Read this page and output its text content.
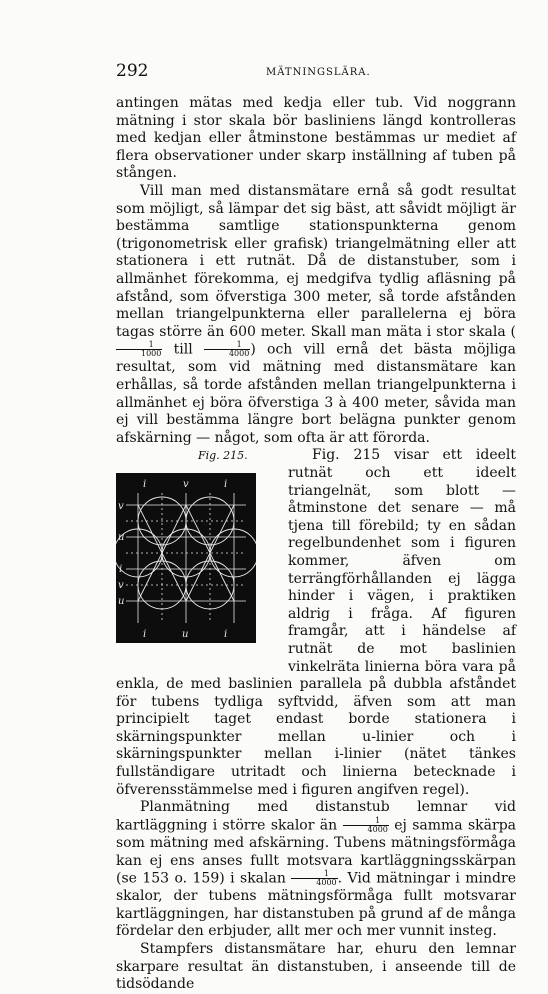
292	MÄTNINGSLÄRA.

antingen mätas med kedja eller tub. Vid noggrann mätning i stor skala bör basliniens längd kontrolleras med kedjan eller åtminstone bestämmas ur mediet af flera observationer under skarp inställning af tuben på stången.

Vill man med distansmätare ernå så godt resultat som möjligt, så lämpar det sig bäst, att såvidt möjligt är bestämma samtlige stationspunkterna genom (trigonometrisk eller grafisk) triangelmätning eller att stationera i ett rutnät. Då de distanstuber, som i allmänhet förekomma, ej medgifva tydlig afläsning på afstånd, som öfverstiga 300 meter, så torde afstånden mellan triangelpunkterna eller parallelerna ej böra tagas större än 600 meter. Skall man mäta i stor skala (
$\frac{1}{1000}$ till $\frac{1}{4000}$ ) och vill ernå det bästa möjliga resultat, som vid mätning med distansmätare kan erhållas, så torde afstånden mellan triangelpunkterna i allmänhet ej böra öfverstiga 3 à 400 meter, såvida man ej vill bestämma längre bort belägna punkter genom afskärning — något, som ofta är att förorda.

Fig. 215.
i	v	i
i	u	i
v
u
i
v
u
Fig. 215 visar ett ideelt rutnät och ett ideelt triangelnät, som blott — åtminstone det senare — må tjena till förebild; ty en sådan regelbundenhet som i figuren kommer, äfven om terrängförhållanden ej lägga hinder i vägen, i praktiken aldrig i fråga. Af figuren framgår, att i händelse af rutnät de mot baslinien vinkelräta linierna böra vara på enkla, de med baslinien parallela på dubbla afståndet för tubens tydliga syftvidd, äfven som att man principielt taget endast borde stationera i skärningspunkter mellan u-linier och i skärningspunkter mellan i-linier (nätet tänkes fullständigare utritadt och linierna betecknade i öfverensstämmelse med i figuren angifven regel).

Planmätning med distanstub lemnar vid kartläggning i större skalor än $\frac{1}{4000}$ ej samma skärpa som mätning med afskärning. Tubens mätningsförmåga kan ej ens anses fullt motsvara kartläggningsskärpan (se 153 o. 159) i skalan $\frac{1}{4000}$ . Vid mätningar i mindre skalor, der tubens mätningsförmåga fullt motsvarar kartläggningen, har distanstuben på grund af de många fördelar den erbjuder, allt mer och mer vunnit insteg.

Stampfers distansmätare har, ehuru den lemnar skarpare resultat än distanstuben, i anseende till de tidsödande
